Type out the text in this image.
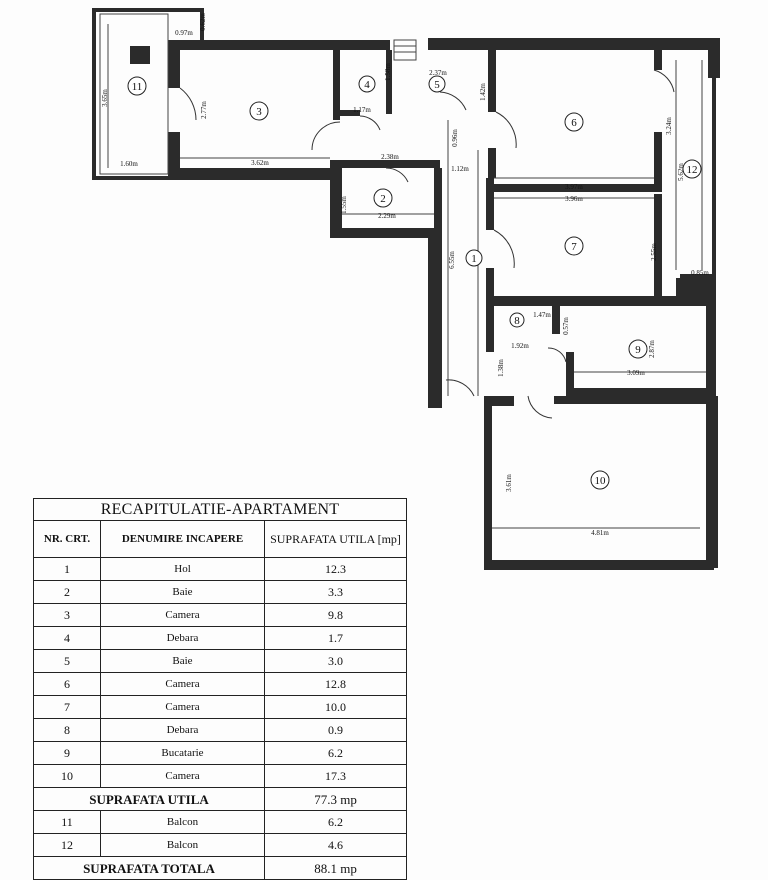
1
2
3
4	5
6
7
8
9
10
11
12
0.97m
0.62m
3.65m
1.60m
2.77m
3.62m
1.58m
1.17m
2.37m
1.42m
0.96m
2.38m
1.12m
1.55m
2.29m
6.55m
3.24m
3.97m
3.96m
5.62m
2.55m
0.85m
1.47m
0.57m
1.92m
1.38m
2.87m
3.09m
3.61m
4.81m
RECAPITULATIE-APARTAMENT		
NR. CRT.	DENUMIRE INCAPERE	SUPRAFATA UTILA [mp]
1	Hol	12.3
2	Baie	3.3
3	Camera	9.8
4	Debara	1.7
5	Baie	3.0
6	Camera	12.8
7	Camera	10.0
8	Debara	0.9
9	Bucatarie	6.2
10	Camera	17.3
SUPRAFATA UTILA		77.3 mp
11	Balcon	6.2
12	Balcon	4.6
SUPRAFATA TOTALA		88.1 mp
